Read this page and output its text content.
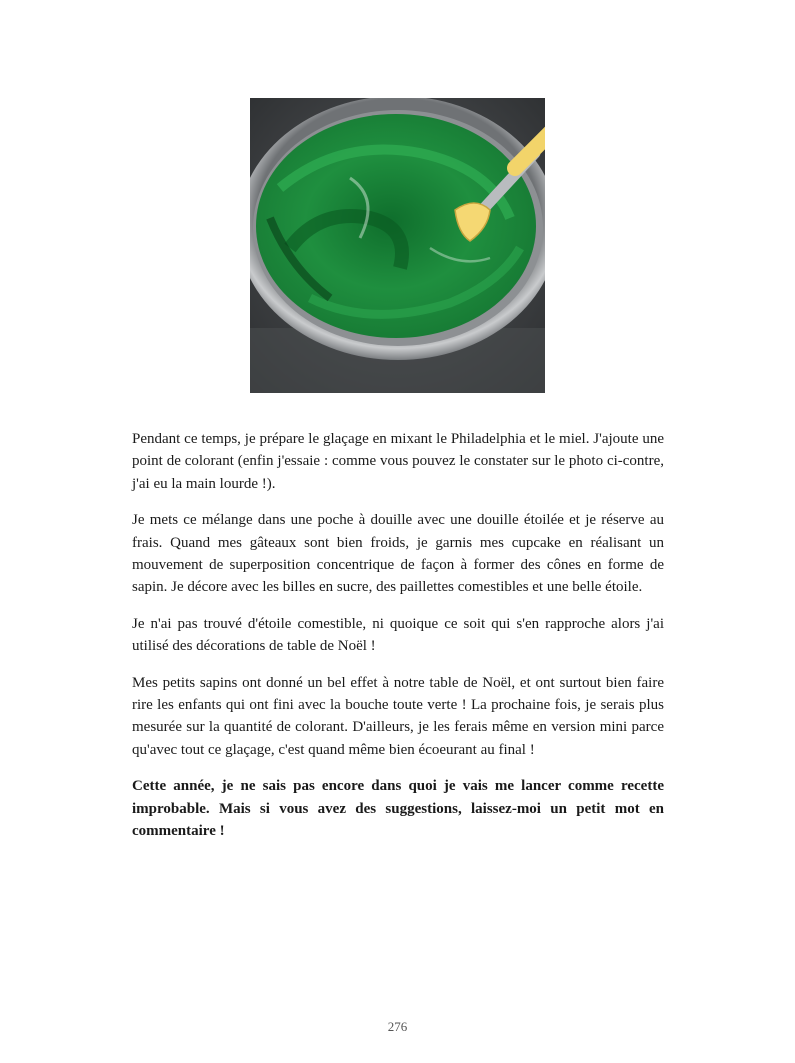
Pendant ce temps, je prépare le glaçage en mixant le Philadelphia et le miel. J'ajoute une point de colorant (enfin j'essaie : comme vous pouvez le constater sur le photo ci-contre, j'ai eu la main lourde !).

Je mets ce mélange dans une poche à douille avec une douille étoilée et je réserve au frais. Quand mes gâteaux sont bien froids, je garnis mes cupcake en réalisant un mouvement de superposition concentrique de façon à former des cônes en forme de sapin. Je décore avec les billes en sucre, des paillettes comestibles et une belle étoile.

Je n'ai pas trouvé d'étoile comestible, ni quoique ce soit qui s'en rapproche alors j'ai utilisé des décorations de table de Noël !

Mes petits sapins ont donné un bel effet à notre table de Noël, et ont surtout bien faire rire les enfants qui ont fini avec la bouche toute verte ! La prochaine fois, je serais plus mesurée sur la quantité de colorant. D'ailleurs, je les ferais même en version mini parce qu'avec tout ce glaçage, c'est quand même bien écoeurant au final !

Cette année, je ne sais pas encore dans quoi je vais me lancer comme recette improbable. Mais si vous avez des suggestions, laissez-moi un petit mot en commentaire !

276
